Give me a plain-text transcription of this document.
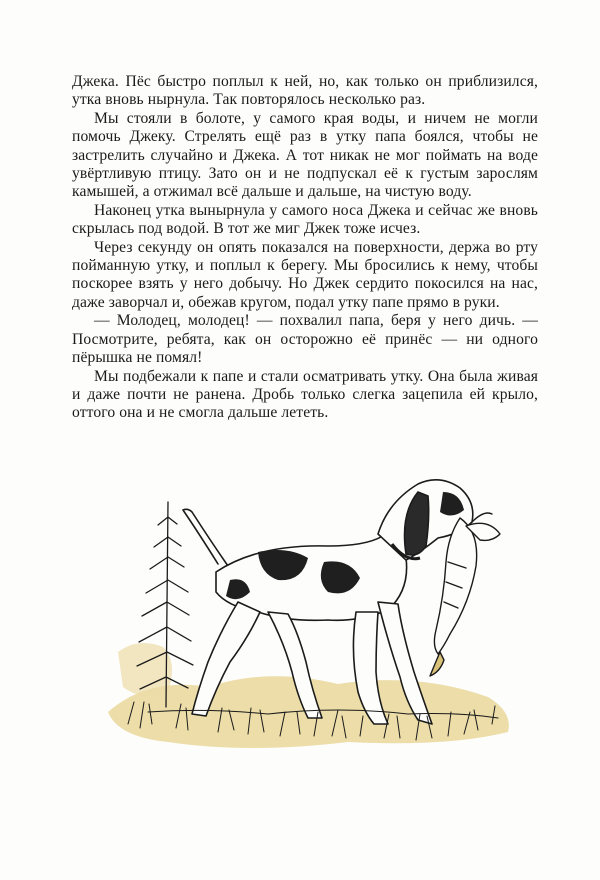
Джека. Пёс быстро поплыл к ней, но, как только он приблизился, утка вновь нырнула. Так повторялось несколько раз.

Мы стояли в болоте, у самого края воды, и ничем не могли помочь Джеку. Стрелять ещё раз в утку папа боялся, чтобы не застрелить случайно и Джека. А тот никак не мог поймать на воде увёртливую птицу. Зато он и не подпускал её к густым зарослям камышей, а отжимал всё дальше и дальше, на чистую воду.

Наконец утка вынырнула у самого носа Джека и сейчас же вновь скрылась под водой. В тот же миг Джек тоже исчез.

Через секунду он опять показался на поверхности, держа во рту пойманную утку, и поплыл к берегу. Мы бросились к нему, чтобы поскорее взять у него добычу. Но Джек сердито покосился на нас, даже заворчал и, обежав кругом, подал утку папе прямо в руки.

— Молодец, молодец! — похвалил папа, беря у него дичь. — Посмотрите, ребята, как он осторожно её принёс — ни одного пёрышка не помял!

Мы подбежали к папе и стали осматривать утку. Она была живая и даже почти не ранена. Дробь только слегка зацепила ей крыло, оттого она и не смогла дальше лететь.
